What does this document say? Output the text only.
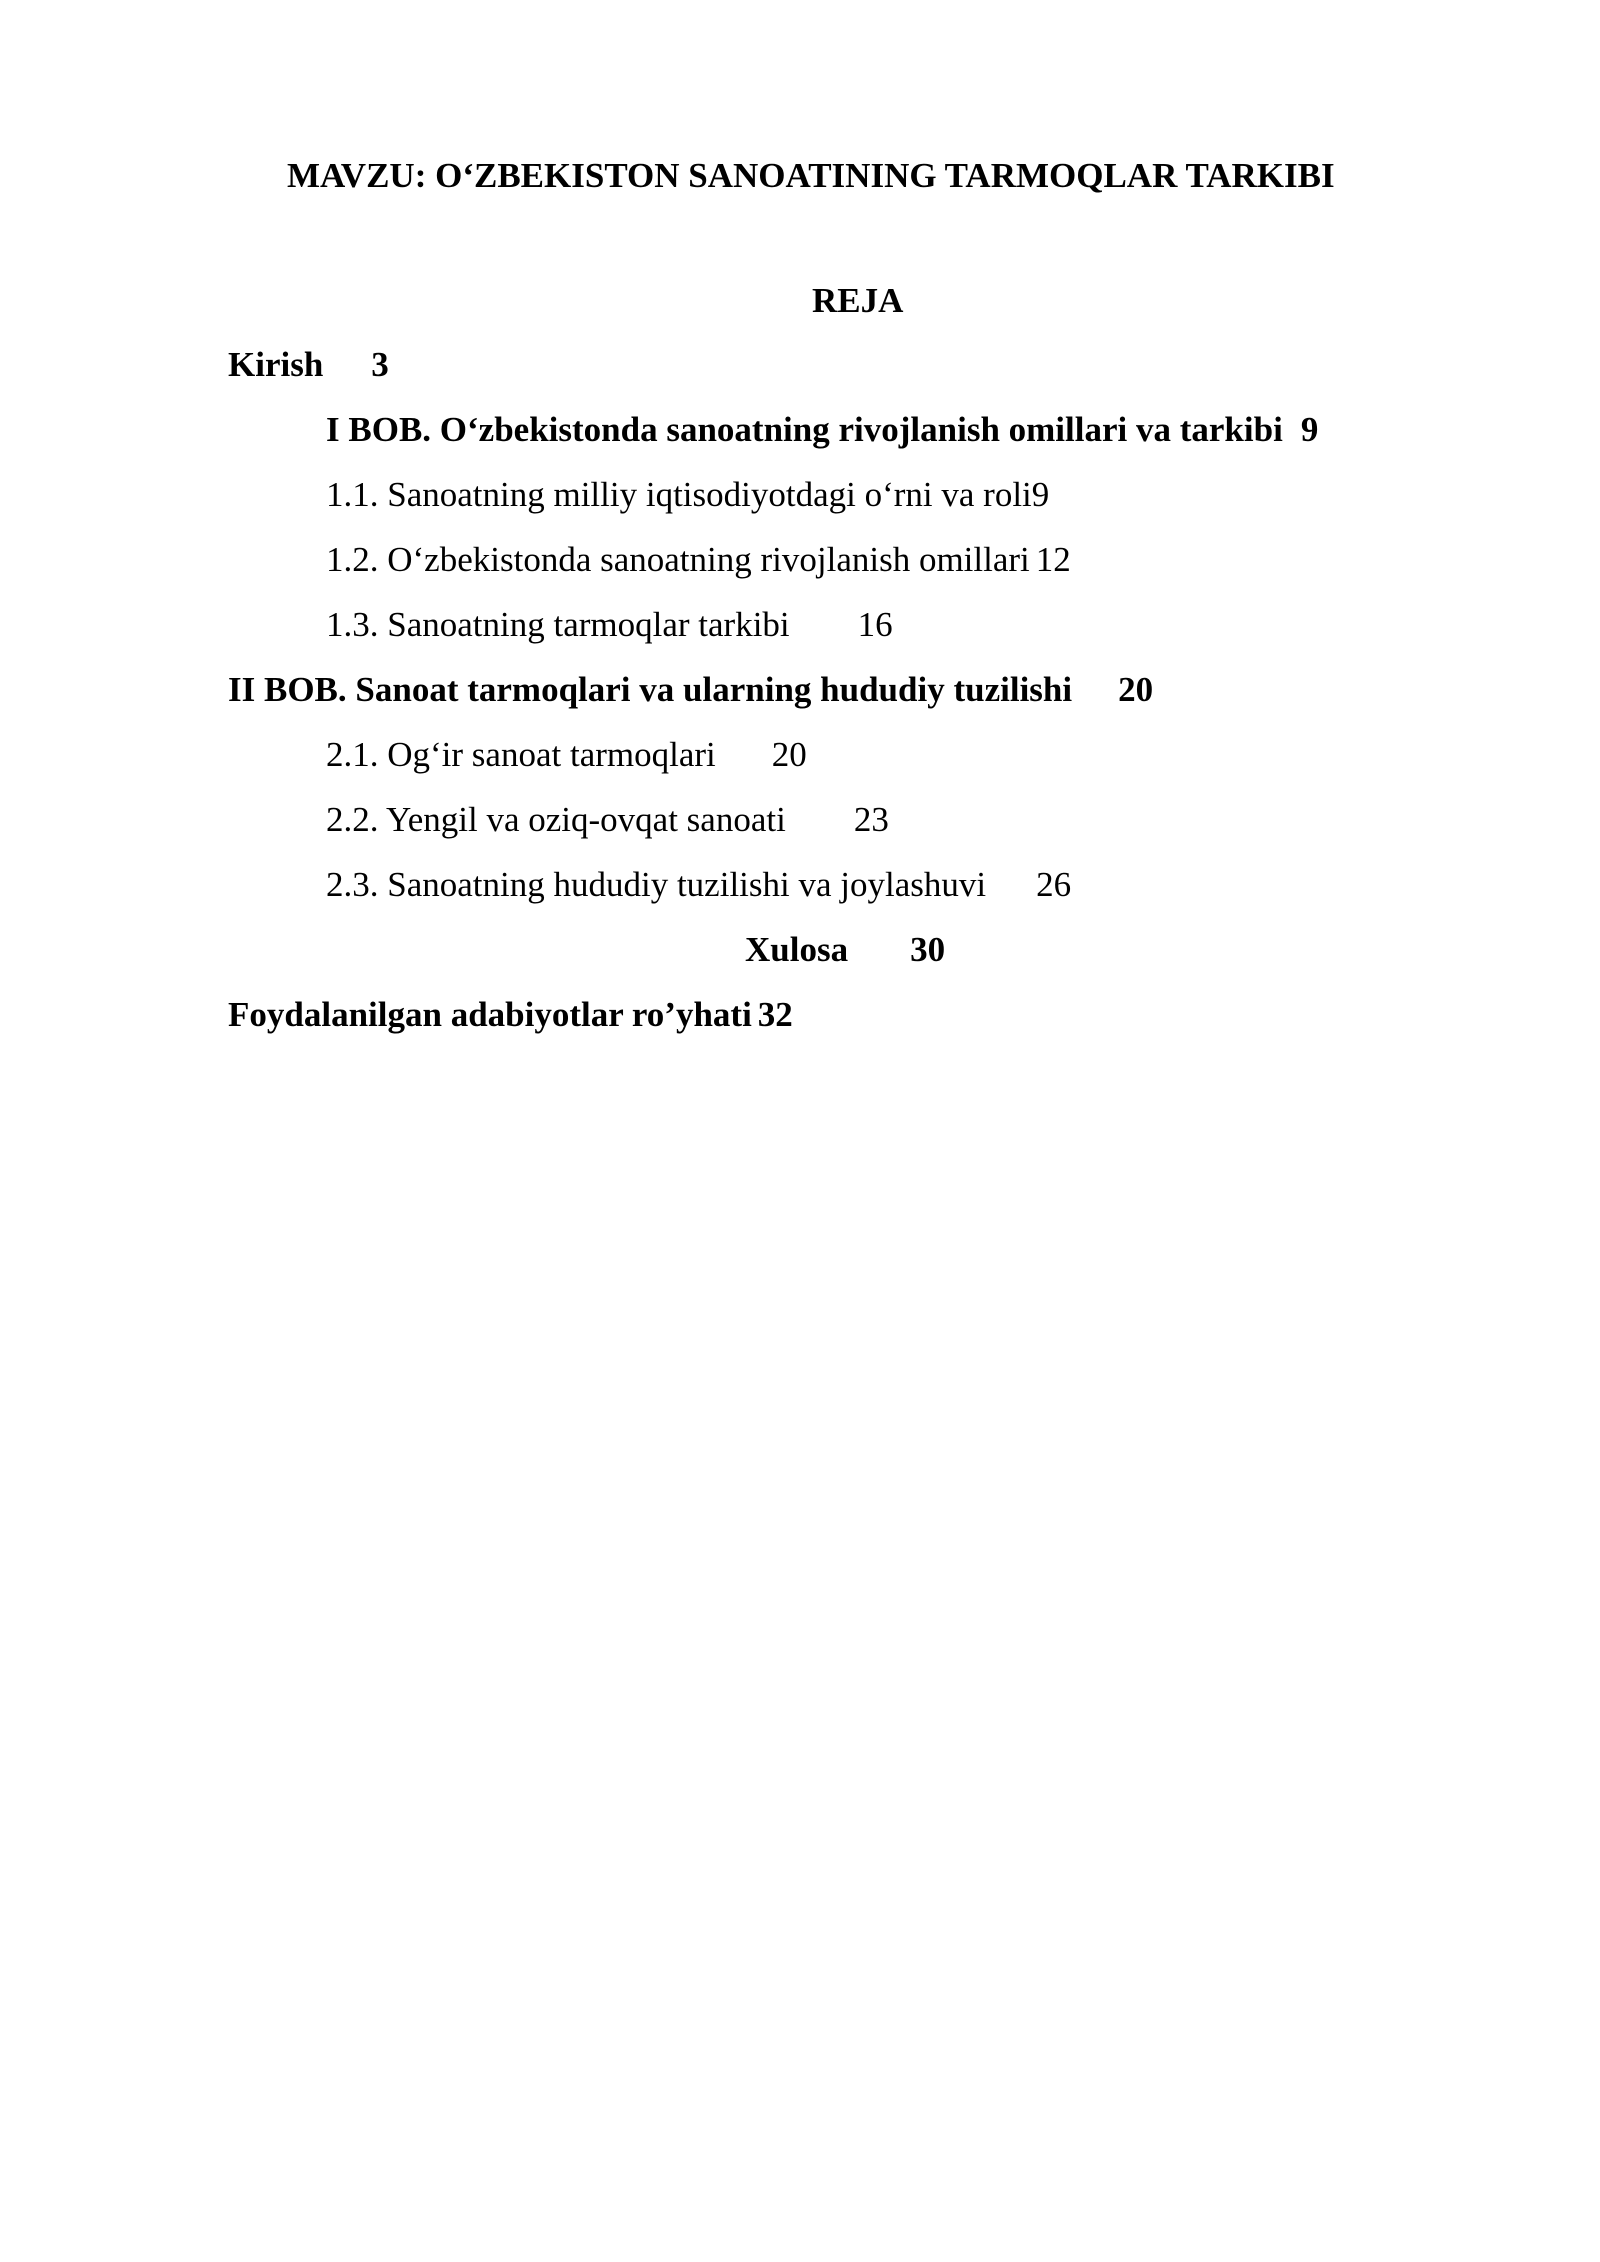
MAVZU: O‘ZBEKISTON SANOATINING TARMOQLAR TARKIBI
REJA
Kirish 3
I BOB. O‘zbekistonda sanoatning rivojlanish omillari va tarkibi 9
1.1. Sanoatning milliy iqtisodiyotdagi o‘rni va roli9
1.2. O‘zbekistonda sanoatning rivojlanish omillari 12
1.3. Sanoatning tarmoqlar tarkibi 16
II BOB. Sanoat tarmoqlari va ularning hududiy tuzilishi 20
2.1. Og‘ir sanoat tarmoqlari 20
2.2. Yengil va oziq-ovqat sanoati 23
2.3. Sanoatning hududiy tuzilishi va joylashuvi 26
Xulosa 30
Foydalanilgan adabiyotlar ro’yhati 32
